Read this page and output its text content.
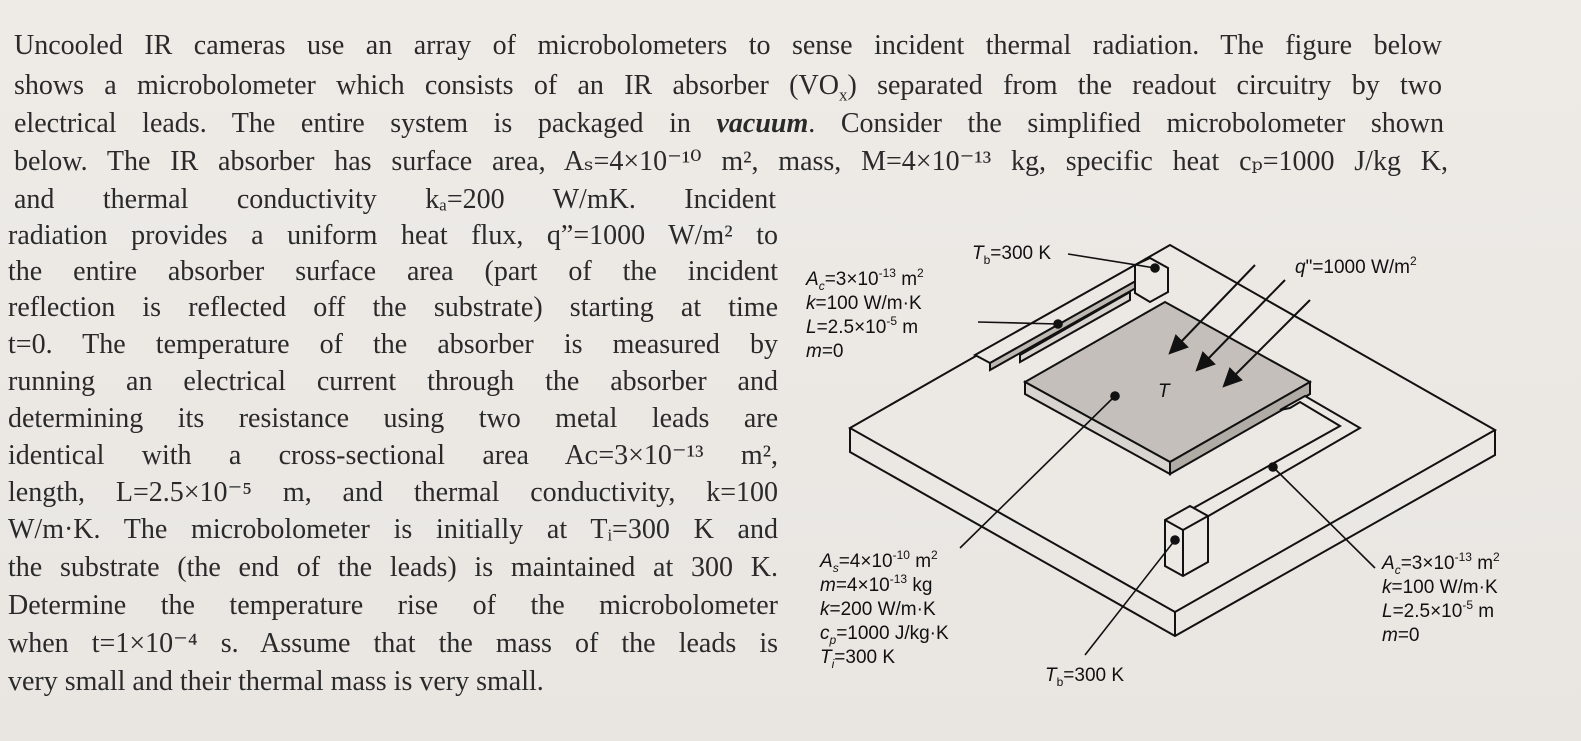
Uncooled IR cameras use an array of microbolometers to sense incident thermal radiation. The figure below
shows a microbolometer which consists of an IR absorber $(VO_x)$ separated from the readout circuitry by two
electrical leads. The entire system is packaged in vacuum. Consider the simplified microbolometer shown
below. The IR absorber has surface area, Aₛ=4×10⁻¹⁰ m², mass, M=4×10⁻¹³ kg, specific heat cₚ=1000 J/kg K,
and thermal conductivity kₐ=200 W/mK. Incident
radiation provides a uniform heat flux, q”=1000 W/m² to
the entire absorber surface area (part of the incident
reflection is reflected off the substrate) starting at time
t=0. The temperature of the absorber is measured by
running an electrical current through the absorber and
determining its resistance using two metal leads are
identical with a cross-sectional area Aᴄ=3×10⁻¹³ m²,
length, L=2.5×10⁻⁵ m, and thermal conductivity, k=100
W/m·K. The microbolometer is initially at Tᵢ=300 K and
the substrate (the end of the leads) is maintained at 300 K.
Determine the temperature rise of the microbolometer
when t=1×10⁻⁴ s. Assume that the mass of the leads is
very small and their thermal mass is very small.
$T_b=300$ K
q"=1000 $W/m^2$
$A_c=3\times 10^{-13}$ $m^2$
k=100 W/m·K
$L=2.5\times 10^{-5}$ m
m=0
T
$A_s=4\times 10^{-10}$ $m^2$
$m=4\times 10^{-13}$ kg
k=200 W/m·K
$c_p=1000$ J/kg·K
$T_i=300$ K
$T_b=300$ K
$A_c=3\times 10^{-13}$ $m^2$
k=100 W/m·K
$L=2.5\times 10^{-5}$ m
m=0
